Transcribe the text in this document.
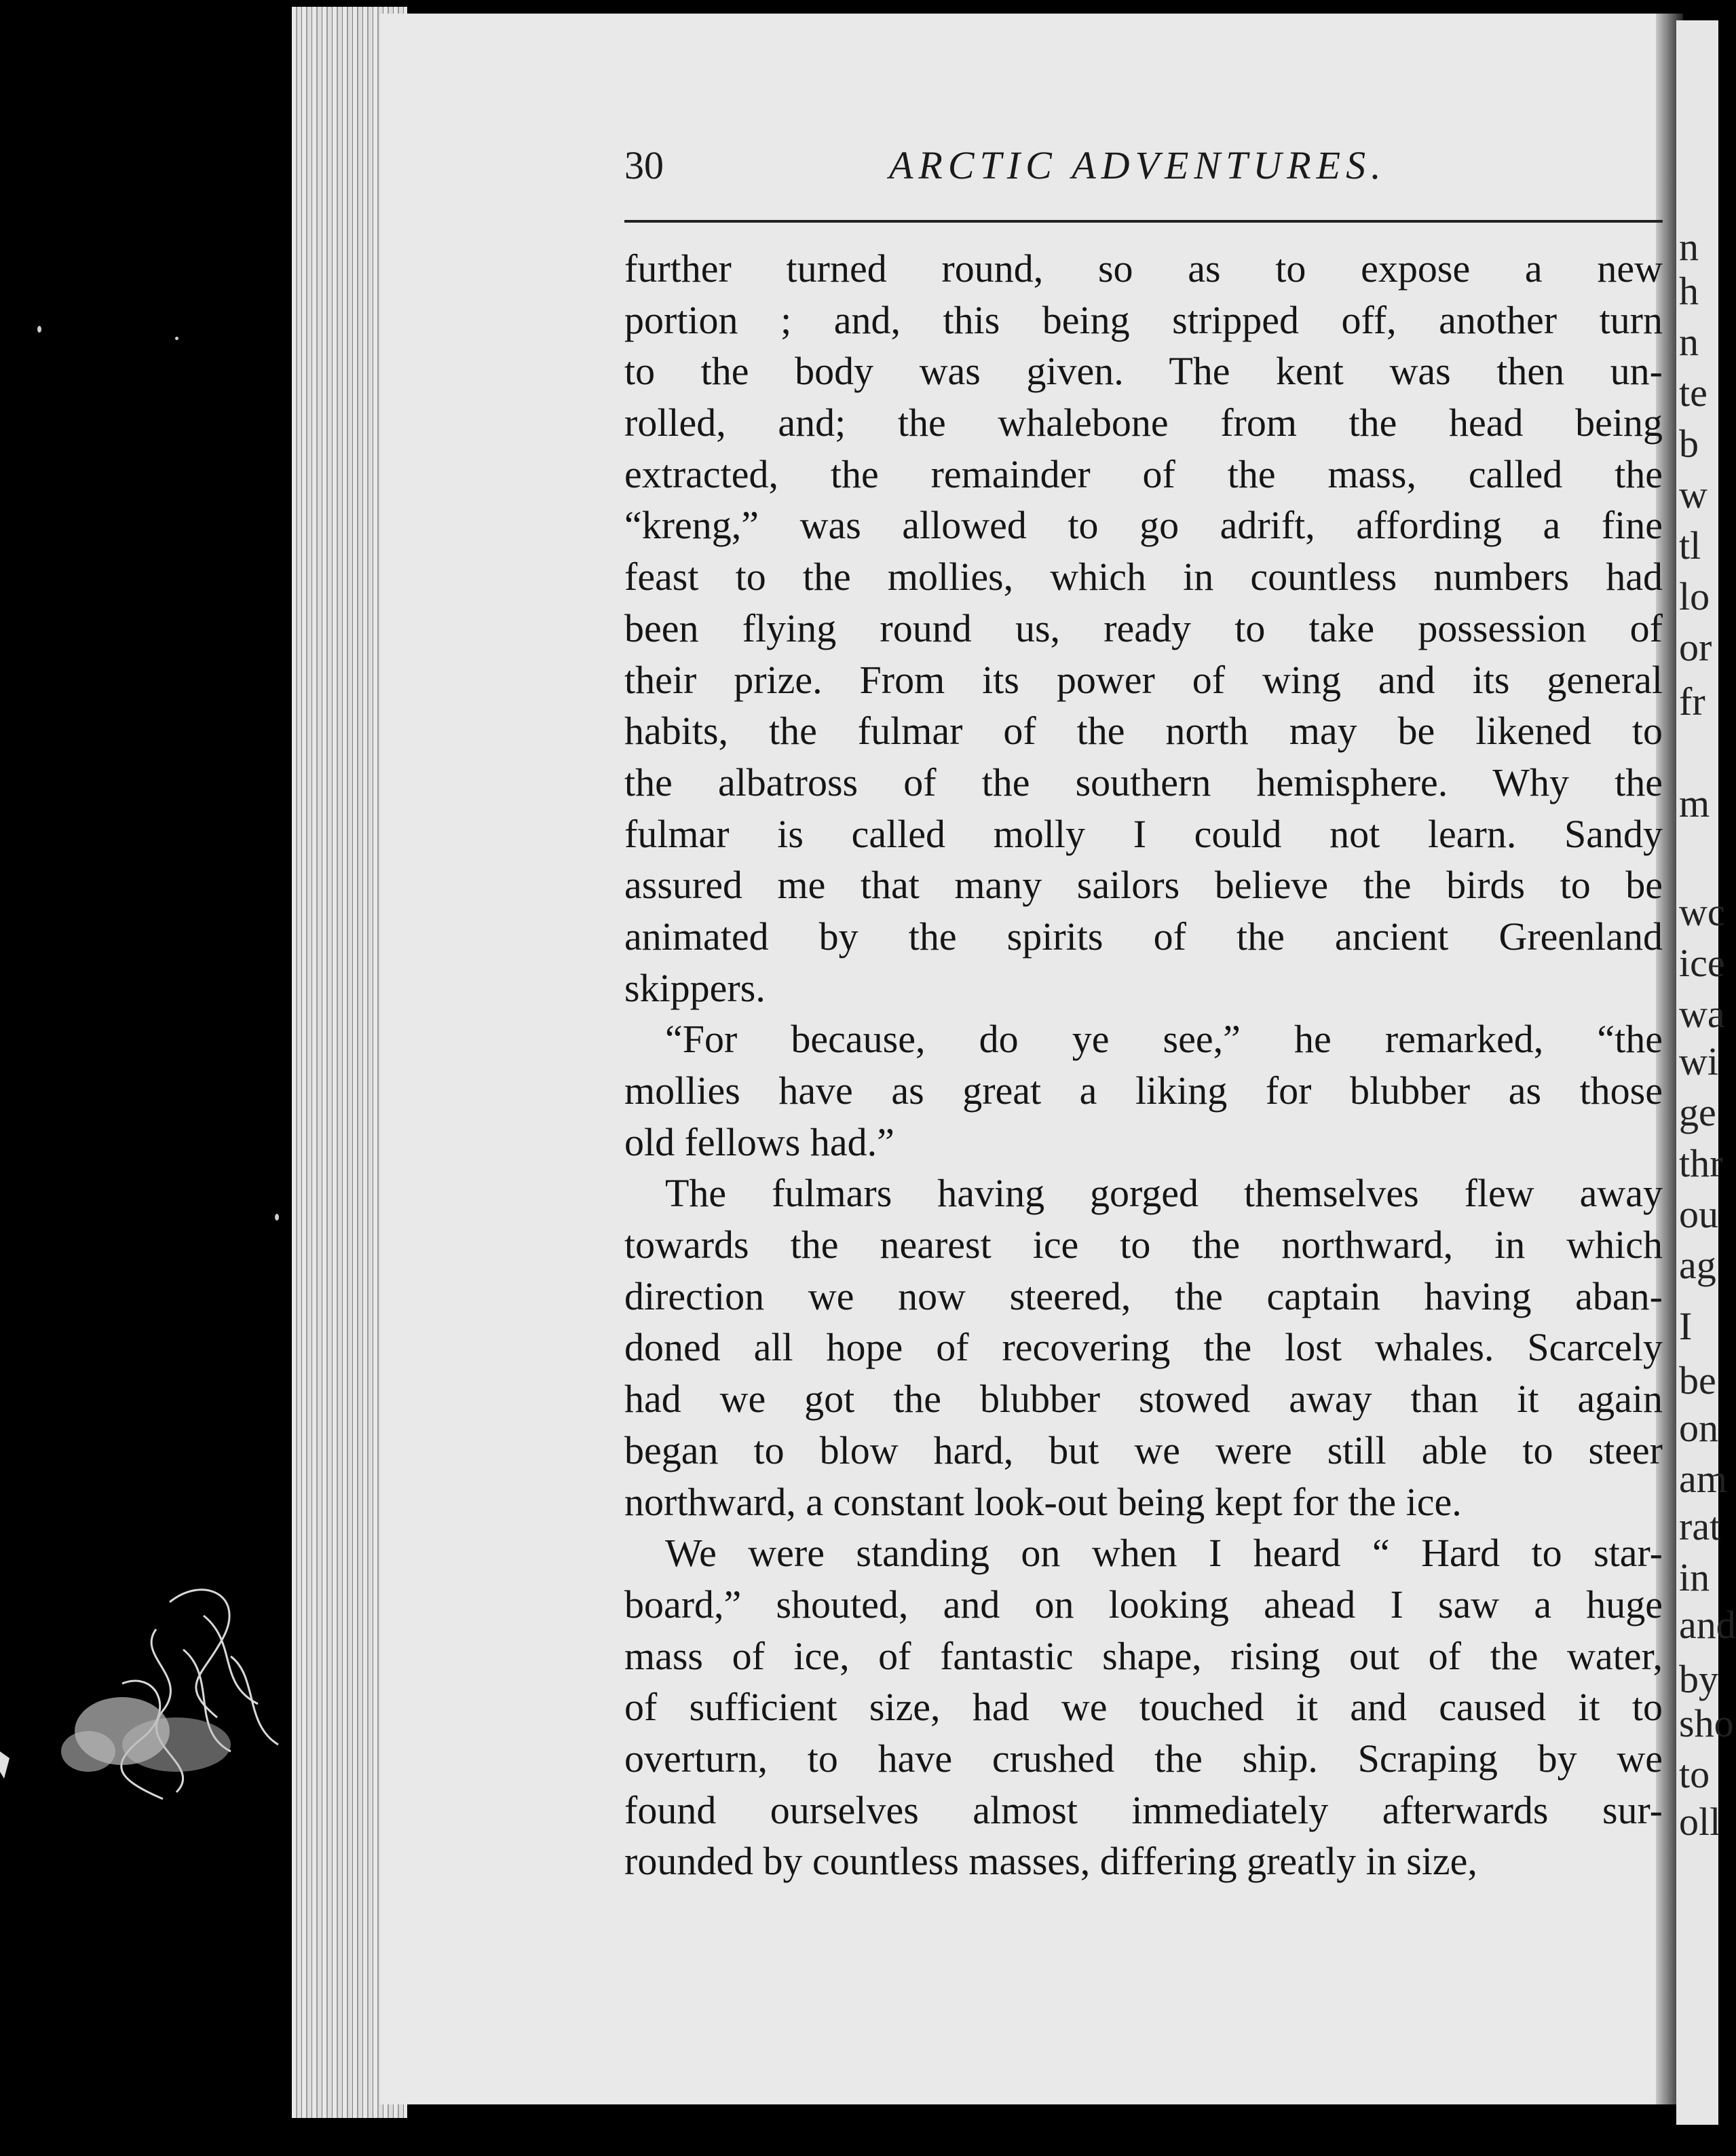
n
h
n
te
b
w
tl
lo
or
fr
m
wc
ice
wa
wi
ge
thr
ou
ag
I
be
on
am
rat
in
and
by
sho
to
oll
30	ARCTIC ADVENTURES.
further turned round, so as to expose a new
portion ; and, this being stripped off, another turn
to the body was given. The kent was then un-
rolled, and; the whalebone from the head being
extracted, the remainder of the mass, called the
“kreng,” was allowed to go adrift, affording a fine
feast to the mollies, which in countless numbers had
been flying round us, ready to take possession of
their prize. From its power of wing and its general
habits, the fulmar of the north may be likened to
the albatross of the southern hemisphere. Why the
fulmar is called molly I could not learn. Sandy
assured me that many sailors believe the birds to be
animated by the spirits of the ancient Greenland
skippers.
“For because, do ye see,” he remarked, “the
mollies have as great a liking for blubber as those
old fellows had.”
The fulmars having gorged themselves flew away
towards the nearest ice to the northward, in which
direction we now steered, the captain having aban-
doned all hope of recovering the lost whales. Scarcely
had we got the blubber stowed away than it again
began to blow hard, but we were still able to steer
northward, a constant look-out being kept for the ice.
We were standing on when I heard “ Hard to star-
board,” shouted, and on looking ahead I saw a huge
mass of ice, of fantastic shape, rising out of the water,
of sufficient size, had we touched it and caused it to
overturn, to have crushed the ship. Scraping by we
found ourselves almost immediately afterwards sur-
rounded by countless masses, differing greatly in size,
